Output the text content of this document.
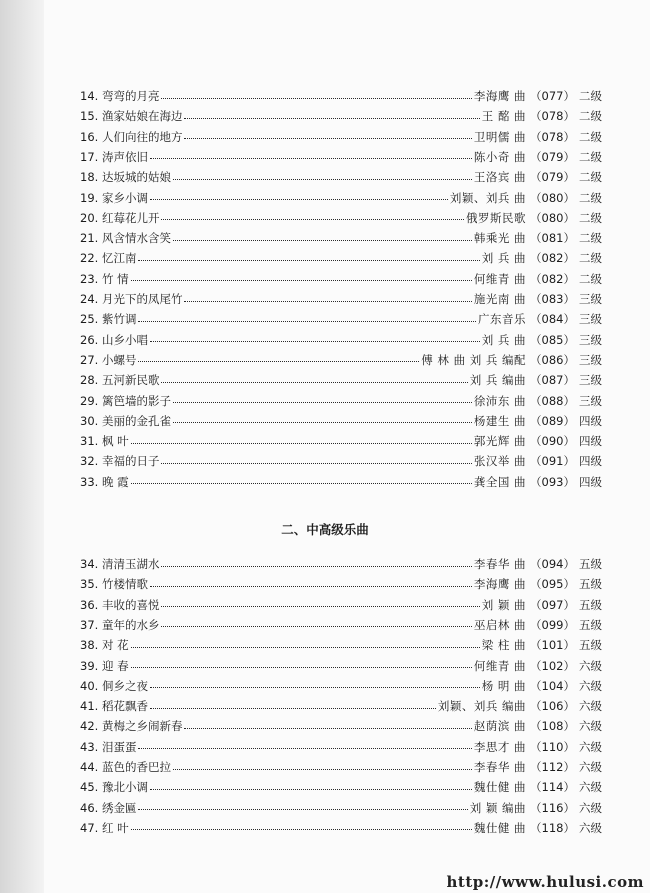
14. 弯弯的月亮	李海鹰 曲 （077） 二级
15. 渔家姑娘在海边	王 酩 曲 （078） 二级
16. 人们向往的地方	卫明儒 曲 （078） 二级
17. 涛声依旧	陈小奇 曲 （079） 二级
18. 达坂城的姑娘	王洛宾 曲 （079） 二级
19. 家乡小调	刘颖、刘兵 曲 （080） 二级
20. 红莓花儿开	俄罗斯民歌 （080） 二级
21. 风含情水含笑	韩乘光 曲 （081） 二级
22. 忆江南	刘 兵 曲 （082） 二级
23. 竹 情	何维青 曲 （082） 二级
24. 月光下的凤尾竹	施光南 曲 （083） 三级
25. 紫竹调	广东音乐 （084） 三级
26. 山乡小唱	刘 兵 曲 （085） 三级
27. 小螺号	傅 林 曲 刘 兵 编配 （086） 三级
28. 五河新民歌	刘 兵 编曲 （087） 三级
29. 篱笆墙的影子	徐沛东 曲 （088） 三级
30. 美丽的金孔雀	杨建生 曲 （089） 四级
31. 枫 叶	郭光辉 曲 （090） 四级
32. 幸福的日子	张汉举 曲 （091） 四级
33. 晚 霞	龚全国 曲 （093） 四级
二、中高级乐曲
34. 清清玉湖水	李春华 曲 （094） 五级
35. 竹楼情歌	李海鹰 曲 （095） 五级
36. 丰收的喜悦	刘 颖 曲 （097） 五级
37. 童年的水乡	巫启林 曲 （099） 五级
38. 对 花	梁 柱 曲 （101） 五级
39. 迎 春	何维青 曲 （102） 六级
40. 侗乡之夜	杨 明 曲 （104） 六级
41. 稻花飘香	刘颖、刘兵 编曲 （106） 六级
42. 黄梅之乡闹新春	赵荫滨 曲 （108） 六级
43. 泪蛋蛋	李思才 曲 （110） 六级
44. 蓝色的香巴拉	李春华 曲 （112） 六级
45. 豫北小调	魏仕健 曲 （114） 六级
46. 绣金匾	刘 颖 编曲 （116） 六级
47. 红 叶	魏仕健 曲 （118） 六级
http://www.hulusi.com
